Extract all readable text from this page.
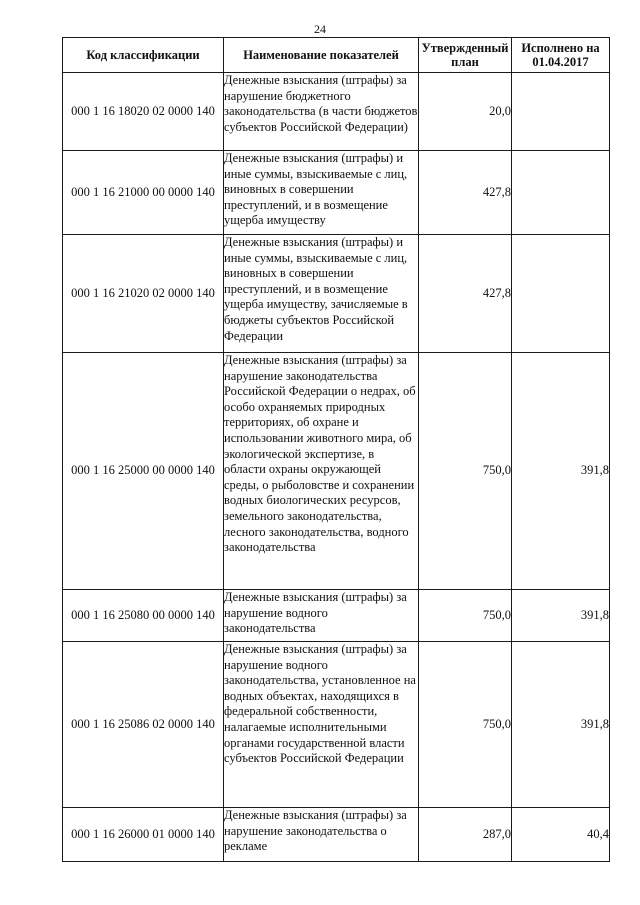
24
Код классификации	Наименование показателей	Утвержденный план	Исполнено на 01.04.2017
000 1 16 18020 02 0000 140	Денежные взыскания (штрафы) за нарушение бюджетного законодательства (в части бюджетов субъектов Российской Федерации)	20,0	
000 1 16 21000 00 0000 140	Денежные взыскания (штрафы) и иные суммы, взыскиваемые с лиц, виновных в совершении преступлений, и в возмещение ущерба имуществу	427,8	
000 1 16 21020 02 0000 140	Денежные взыскания (штрафы) и иные суммы, взыскиваемые с лиц, виновных в совершении преступлений, и в возмещение ущерба имуществу, зачисляемые в бюджеты субъектов Российской Федерации	427,8	
000 1 16 25000 00 0000 140	Денежные взыскания (штрафы) за нарушение законодательства Российской Федерации о недрах, об особо охраняемых природных территориях, об охране и использовании животного мира, об экологической экспертизе, в области охраны окружающей среды, о рыболовстве и сохранении водных биологических ресурсов, земельного законодательства, лесного законодательства, водного законодательства	750,0	391,8
000 1 16 25080 00 0000 140	Денежные взыскания (штрафы) за нарушение водного законодательства	750,0	391,8
000 1 16 25086 02 0000 140	Денежные взыскания (штрафы) за нарушение водного законодательства, установленное на водных объектах, находящихся в федеральной собственности, налагаемые исполнительными органами государственной власти субъектов Российской Федерации	750,0	391,8
000 1 16 26000 01 0000 140	Денежные взыскания (штрафы) за нарушение законодательства о рекламе	287,0	40,4
